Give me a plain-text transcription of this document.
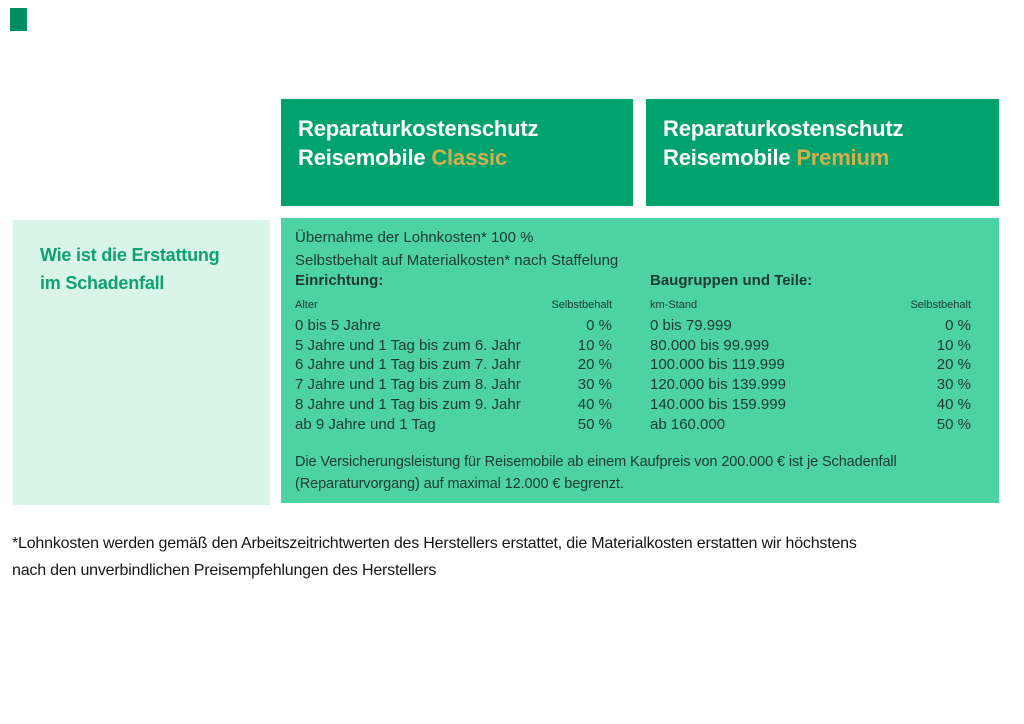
Reparaturkostenschutz
Reisemobile Classic
Reparaturkostenschutz
Reisemobile Premium
Wie ist die Erstattung
im Schadenfall
Übernahme der Lohnkosten* 100 %
Selbstbehalt auf Materialkosten* nach Staffelung
Einrichtung:
Alter	Selbstbehalt
0 bis 5 Jahre	0 %
5 Jahre und 1 Tag bis zum 6. Jahr	10 %
6 Jahre und 1 Tag bis zum 7. Jahr	20 %
7 Jahre und 1 Tag bis zum 8. Jahr	30 %
8 Jahre und 1 Tag bis zum 9. Jahr	40 %
ab 9 Jahre und 1 Tag	50 %
Baugruppen und Teile:
km-Stand	Selbstbehalt
0 bis 79.999	0 %
80.000 bis 99.999	10 %
100.000 bis 119.999	20 %
120.000 bis 139.999	30 %
140.000 bis 159.999	40 %
ab 160.000	50 %
Die Versicherungsleistung für Reisemobile ab einem Kaufpreis von 200.000 € ist je Schadenfall
(Reparaturvorgang) auf maximal 12.000 € begrenzt.
*Lohnkosten werden gemäß den Arbeitszeitrichtwerten des Herstellers erstattet, die Materialkosten erstatten wir höchstens
nach den unverbindlichen Preisempfehlungen des Herstellers
